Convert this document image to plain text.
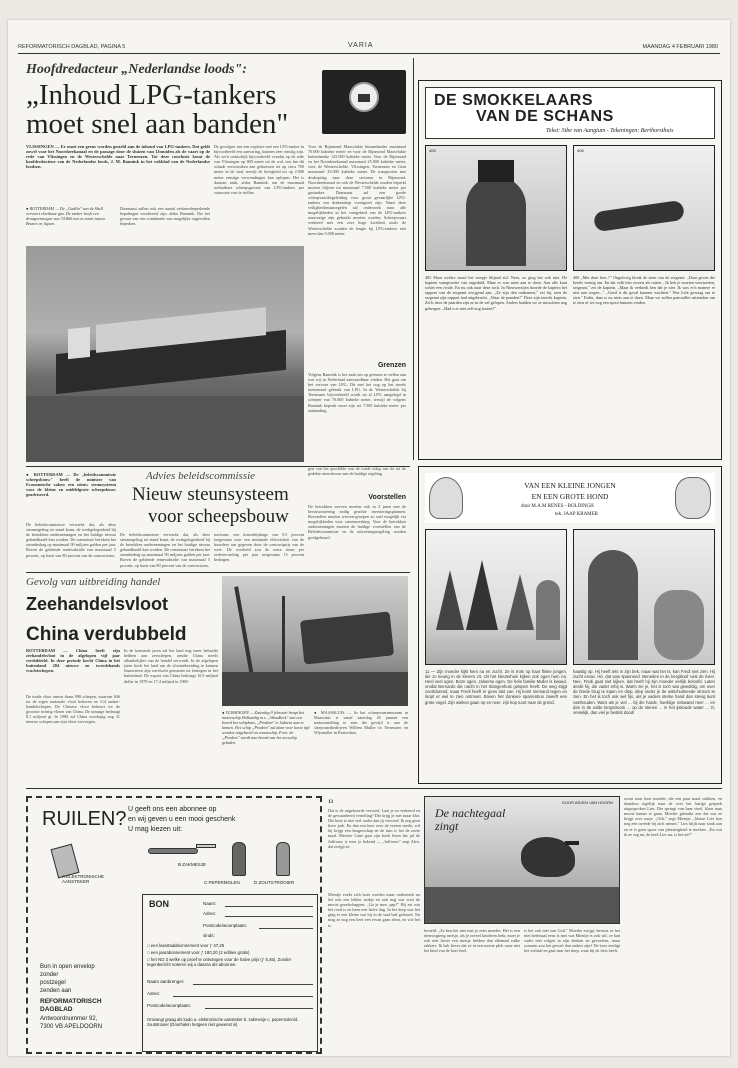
REFORMATORISCH DAGBLAD, PAGINA 5	VARIA	MAANDAG 4 FEBRUARI 1980
Hoofdredacteur „Nederlandse loods":
„Inhoud LPG-tankers
moet snel aan banden"
VLISSINGEN — Er moet een grens worden gesteld aan de inhoud van LPG-tankers. Dat geldt zowel voor het Noordzeekanaal en de passage door de sluizen van IJmuiden als de vaart op de rede van Vlissingen en de Westerschelde naar Terneuzen. Tot deze conclusie komt de hoofdredacteur van de Nederlandse loods, J. M. Bannink in het vakblad van de Nederlandse loodsen.
● ROTTERDAM — De „Gadila" van de Shell vervoert vloeibaar gas. De tanker heeft een draagvermogen van 74.860 ton en vaart tussen Brunei en Japan.
Daarnaast zullen ook een aantal verkeersbeperkende bepalingen voorbereid zijn, aldus Bannink. Die het gevaar van een combinatie van mogelijke ongevallen beperken.
De gevolgen van een explosie met een LPG-tanker in bijvoorbeeld een aanvaring, kunnen zeer ernstig zijn. Als we'n ontstoftijk bijvoorbeeld voordat op de rede van Vlissingen op 800 meter uit de wal, een bar dit schade veroorzaken aan gebouwen tot op circa 700 meter in de stad, terwijl de hevigheid tot op 2.000 meter ernstige verwondingen kan oplopen. Het is daarom zaak, aldus Bannink, om de maximaal toelaatbare scheepsgrootte van LPG-tankers per vaarroute vast te stellen.
Voor de Rijnmond Maasvlakte binnenlandse maximaal 70.000 kubieke meter en voor de Rijnmond Maasvlakte buitenlandse 125.000 kubieke meter. Voor de Rijnmond en het Noordzeekanaal maximaal 25.000 kubieke meter, voor de Westerschelde, Vlissingen, Terneuzen en Gent maximaal 25.000 kubieke meter. De transporten met drukopslag naar deze sectoren in Rijnmond. Noordzeekanaal en ook de Westerschelde zouden beperkt moeten blijven tot maximaal 7.500 kubieke meter per gastanker. Daarnaast zal een goede scheepvaartbegeleiding voor groot gevaarlijke LPG-tankers een drakendorp voortgezet zijn. Naast deze veiligheidsmaatregelen zal onderzoek naar alle mogelijkheden in het vaargebied van de LPG-tankers aanwezige zijn gebruikt moeten worden. Scheepsvaart verkeerd met een zeer hoge kwaliteit zoals de Westerschelde zouden de lengte bij LPG-tankers niet meer dan 5.000 meter.
Grenzen
Volgens Bannink is het zaak om op grenzen te stellen aan wat wij in Nederland aanvaardbaar vinden. Het gaat om het vervoer van LPG. Dit met het oog op het steeds toenemend gebruik van LPG. In de Westerschelde bij Terneuzen bijvoorbeeld wordt nu al LPG aangelegd in schepen van 70.000 kubieke meter, terwijl de volgens Bannink beperkt moet zijn tot 7.500 kubieke meter per aanlanding.
DE SMOKKELAARS
VAN DE SCHANS
Tekst: Sibe van Aangium - Tekeningen: Berthorsthuis
405	406
405 Maar werkte stond het troepje blijand stil. Nees, zo ging het ook niet. De kaptein stampvoette van ongeduld. Maar er was niets aan te doen. Aan alle kant schiet een rivale. En nu ook naar deze toch. In Nieuwerzijen hoorde de kaptein het rapport van de sergeant zwijgend aan. „Ze zijn den ontkomen," zei hij, toen de sergeant zijn rapport had uitgebracht. „Waar de paarden?" Deze zijn terecht kaptein. Zelfs door de paarden zijn ze in de val gelopen. Anders hadden we ze misschien nog gekregen. „Had u er niet zelf nog fouten?"
406 „Met deze hen..?" Ongelovig klonk de stem van de sergeant. „Daar geven die kerels weinig om. En dat volk hier zweert als ratten... Ik heb je moeten voortzetten, sergeant," zei de kaptein. „Maar ik verbiedt hen dat je niet. Ik was er'n manere er niet aan wegen..." „Goed is dit geval kunnen wachten." Was licht gewaag om te zien." Enfin, daar is nu niets aan te doen. Maar we zullen patrouilles uitzenden om te zien of we nog een spoor kunnen vinden.
● ROTTERDAM — De „beleidscommissie scheepsbouw" heeft de minister van Economische zaken een nieuw steunsysteem voor de kleine en middelgrote scheepsbouw geadviseerd.
Advies beleidscommissie
Nieuw steunsysteem
voor scheepsbouw
De beleidscommissie verwacht dat, als deze steunregeling tot stand komt, de werkgelegenheid bij de betrokken ondernemingen en het huidige niveau gehandhaafd kan worden. De commissie berekent het steunbedrag op maximaal 90 miljoen gulden per jaar. Boven de geldende rentesubsidie van maximaal 5 procent, op basis van 80 procent van de contractsom,
De beleidscommissie verwacht dat, als deze steunregeling tot stand komt, de werkgelegenheid bij de betrokken ondernemingen en het huidige niveau gehandhaafd kan worden. De commissie berekent het steunbedrag op maximaal 90 miljoen gulden per jaar. Boven de geldende rentesubsidie van maximaal 5 procent, op basis van 80 procent van de contractsom,
tractsom, een kostenbijdrage van 9,5 procent toegestaan voor een minimale effectiviteit van de hoordere uur gegeven door de contractprijs van de werf. De overheid zou de extra steun per orderrecording per jaar toegestaan 13 procent bedragen.
gen van het geschilde van de totale inleg van de tot de gedekte nieuwbouw aan de huidige regeling.
Voorstellen
De betrokken werven moeten ook in 2 jaren met de herstructurering nodig geachte investeringsplannen. Bovendien moeten werven-groepen zo snel mogelijk via mogelijkheden voor samenwerking. Voor de betrokken ondernemingen moeten de huidige voorstellen van de Beleidscommissie en de uitvoeringsregeling worden goedgekeurd.
VAN EEN KLEINE JONGEN
EN EEN GROTE HOND
door M.A.M RENES - BOLDINGH
tek. JAAP KRAMER
11 — Zijn moeder kijkt hem na en zucht. Ze is trots op haar flinke jongen, die zo keurig in de klerem zit. Uit het kleuterhuis kijken ook ogen hem na. Heel veel ogen. Boze ogen. Jaloerse ogen. De hele familie Muller is kwaad, omdat Bernardo die nacht in het Slangenhuis gelopen heeft. De weg stijgt voortdurend, maar Fredi heeft er geen last van. Hij komt niemand tegen en loopt er wel te zien ontmoet. Boven het donkere sparrenbos zweeft een grote vogel. Zijn wieken gaan op en neer, zijn kop tuurt naar de grond.
haastig op. Hij heeft iets in zijn bek, maar wat het is, kan Fredi niet zien. Hij zucht ervan. Hé, dat was spannend. Beneden in de bergkloof ruist de rivier. Nee, Fredi gaat niet kijken, dat heeft hij zijn moeder eerlijk beloofd. Laten denkt hij, die vader erbij is. Warm zie je, het is toch wat gewoldig, om over de brede brug te lopen en diep, diep onder je de witschuimende stroom te zien. En het is toch ook wel fijn, als je vaders sterke hand dan stevig kunt vasthouden. Want als je viel ... bij die harde, hoeklige rotswand neer ... en dan in de wilde bergstroom ... op de stenen ... in het ijskoude water ... O, vreselijk, dan viel je bestist dood!
Gevolg van uitbreiding handel
Zeehandelsvloot
China verdubbeld
ROTTERDAM — China heeft zijn zeehandelsvloot in de afgelopen vijf jaar verdubbeld. In deze periode kocht China in het buitenland 204 nieuwe en tweedehands vrachtschepen.
De totale vloot omvat thans 990 schepen, waarvan 846 tot de eigen nationale vloot behoren en 114 tanker-handelschepen. De Chinese vloot behoort tot de grootste twintig vloten van China. De tonnage bedraagt 8,1 miljoen gt. In 1980 zal China voorlopig nog 31 nieuwe schepen aan zijn vloot toevoegen.
In de komende jaren zal het land nog meer behoefte hebben aan zeeschepen, omdat China steeds afhankelijker van de handel verwordt. In de afgelopen jaren heeft het land om de vlootuitbreiding te kunnen financieren zijn toevlucht genomen tot leningen in het buitenland. De export van China bedraagt 10,9 miljard dollar in 1979 en 17,4 miljard in 1980.
● VLISSINGEN — Zaterdag 9 februari hoopt het motorschip Hollandig m.s. „Woudkerk" met een boord het schiphuis, „Prodent" te Jakarta aan te komen. Het schip „Prodent" zal daar voor korte tijd worden uitgebreid tot woonschip. Foto: de „Prodent" wordt aan boord van het zeeschip geladen.
● MAASSLUIS — In het scheepvaartmuseum in Maassluis is vanaf zaterdag 26 januari een tentoonstelling te zien die gewijd is aan de sleepvaartbedrijven Willem Muller in Terneuzen en Wijsmuller in Rotterdam.
RUILEN? U geeft ons een abonnee op
en wij geven u een mooi geschenk
U mag kiezen uit:
A ELEKTRONISCHE AANSTEKER
B ZAKMESJE
C PEPERMOLEN	D ZOUTSTROOIER
Bon in open envelop
zonder
postzegel
zenden aan
REFORMATORISCH
DAGBLAD
Antwoordnummer 92,
7300 VB APELDOORN
BON	Naam:
Adres:
Postcode/woonplaats:
sinds:
□ een kwartaalabonnement voor ƒ 47,25
□ een jaarabonnement voor ƒ 180,20 (2 edities gratis)
□ het NO 3 welke op proef te ontvangen voor de halve prijs (ƒ 5,45). Zonder tegenbericht noteren wij u daarna als abonnee.
Naam aanbrenger:
Adres:
Postcode/woonplaats:
Ontvangt graag als kado a. elektronische aansteker b. zakmesje c. pepermolen/d. zoutstrooier (Doorhalen hetgeen niet gewenst is)
13
Dat is de ongehoorde vervoed. Laat je zo verkeerd en de gewaardeerd vertelling? Die krijg je met maar klar. Die hoor ie niet wel ouder dan jij vervoed. Ik zeg geen lieve jurk. En dan een heer over de voeten merkt, wil hij krijgt een burgerschap en de tuin is het de zoete maal. Meester Lotte gaat zijn boek lezen het juf de Juffrouw is voor je bekend — „Juffrouw" zegt Alex, dat zwijgt ze.
Mientje zoekt zich hoes worden maar onderzoek nu het ook een lekker stukje en ook nog wat voor de mooie gezelschappen. „Ga je mee, pap?" Hij zei wat het rood is en heen een halve dag. In het dorp was het ging er een kleine wat hij in de stad had gehoord. Nu mag ze nog een keer een ervan gaan doen, en wie het is.
besteld: „Ze ben het niet met je eens moeder. Het is een nieuwsgierig meisje, als je zoveel kinderen hebt, moet je ook niet liever een meisje hebben dan allemaal zulke rakkers. Ik heb liever dat ze in een mooie plek waar niet het kind van de boer heel.
is het ook niet van God." Moeder zwijgt, bewust ze het niet helemaal eens is met wat Mientje is ook stil; ze kan vader niet volgen in zijn denken en gevoelens, maar waarom zou het gevoel dan anders zijn? De boer eindigt het verhaal en gaat naar het dorp, waar hij de fiets heeft.
zwart naar haar moeder, die een paar maal snikken, en daardoor tegelijk naar de over het lastige gesprek uitgesproken Lies. Die springt van haar stoel, klaar naar mooie kamer te gaan. Moeder gebruikt een dat wat ze krijgt over zusje. „Och," zegt Mientje, „kleine Lies kan nog een tweede bij zich nemen." Lies blijft naar strak aan en er is geen spoor van plezierigheid te merken. „En wat ik ze zeg nu, de kerk Lies nu, is het uit?"
De nachtegaal zingt
DOOR ARJEN VAN HOORN
